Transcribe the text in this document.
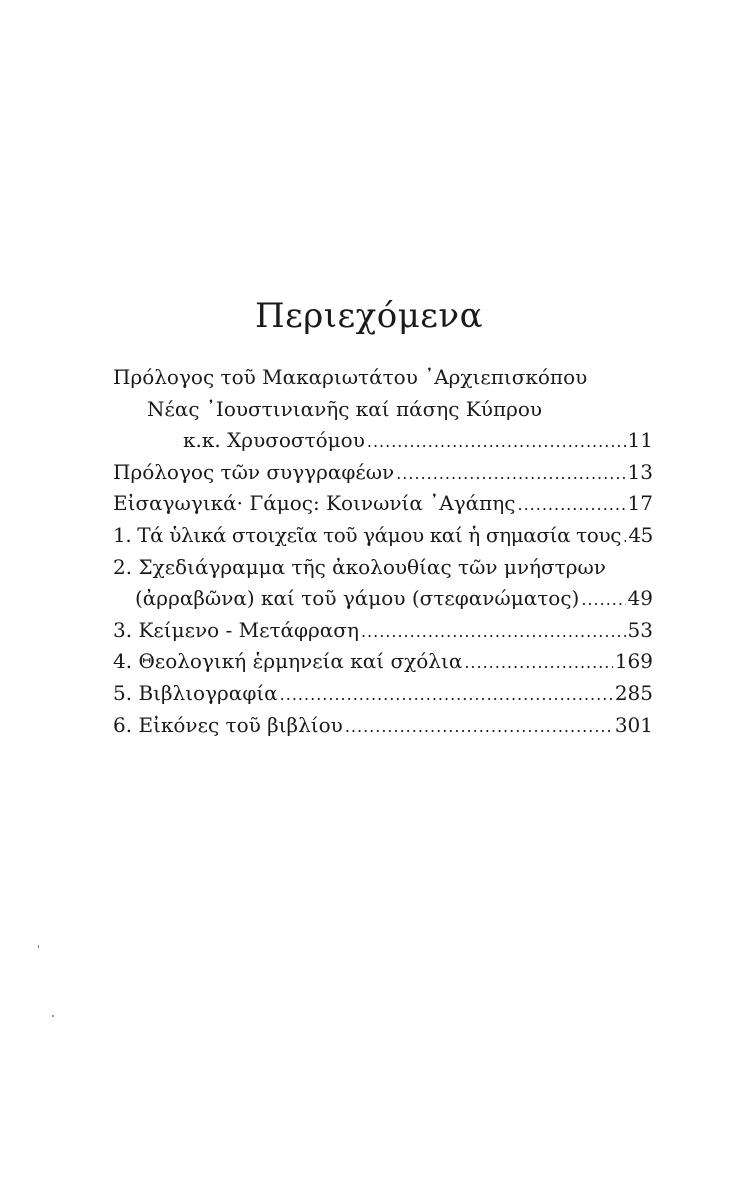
Περιεχόμενα
Πρόλογος τοῦ Μακαριωτάτου ᾽Αρχιεπισκόπου
Νέας ᾽Ιουστινιανῆς καί πάσης Κύπρου
κ.κ. Χρυσοστόμου .....	11
Πρόλογος τῶν συγγραφέων .....	13
Εἰσαγωγικά· Γάμος: Κοινωνία ᾽Αγάπης .....	17
1. Τά ὑλικά στοιχεῖα τοῦ γάμου καί ἡ σημασία τους ..... 45
2. Σχεδιάγραμμα τῆς ἀκολουθίας τῶν μνήστρων
(ἀρραβῶνα) καί τοῦ γάμου (στεφανώματος) ..... 49
3. Κείμενο - Μετάφραση .....	53
4. Θεολογική ἑρμηνεία καί σχόλια .....	169
5. Βιβλιογραφία .....	285
6. Εἰκόνες τοῦ βιβλίου .....	301
